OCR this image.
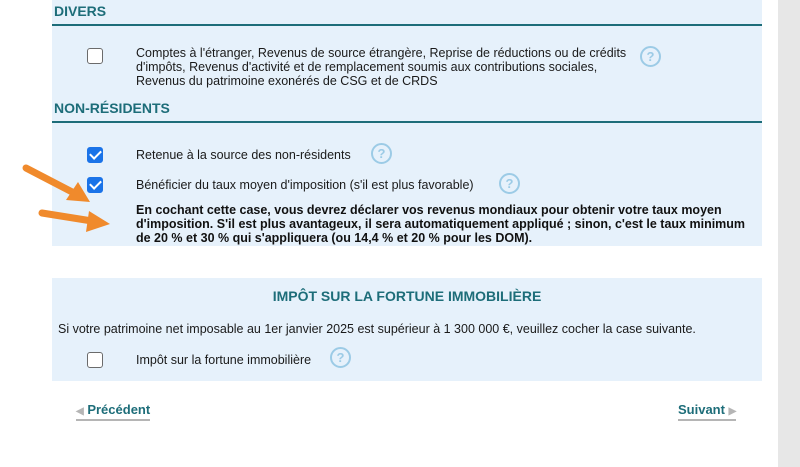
DIVERS
Comptes à l'étranger, Revenus de source étrangère, Reprise de réductions ou de crédits d'impôts, Revenus d'activité et de remplacement soumis aux contributions sociales, Revenus du patrimoine exonérés de CSG et de CRDS
?
NON-RÉSIDENTS
Retenue à la source des non-résidents	?
Bénéficier du taux moyen d'imposition (s'il est plus favorable)	?
En cochant cette case, vous devrez déclarer vos revenus mondiaux pour obtenir votre taux moyen d'imposition. S'il est plus avantageux, il sera automatiquement appliqué ; sinon, c'est le taux minimum de 20 % et 30 % qui s'appliquera (ou 14,4 % et 20 % pour les DOM).
IMPÔT SUR LA FORTUNE IMMOBILIÈRE
Si votre patrimoine net imposable au 1er janvier 2025 est supérieur à 1 300 000 €, veuillez cocher la case suivante.
Impôt sur la fortune immobilière	?
◀ Précédent	Suivant ▶
